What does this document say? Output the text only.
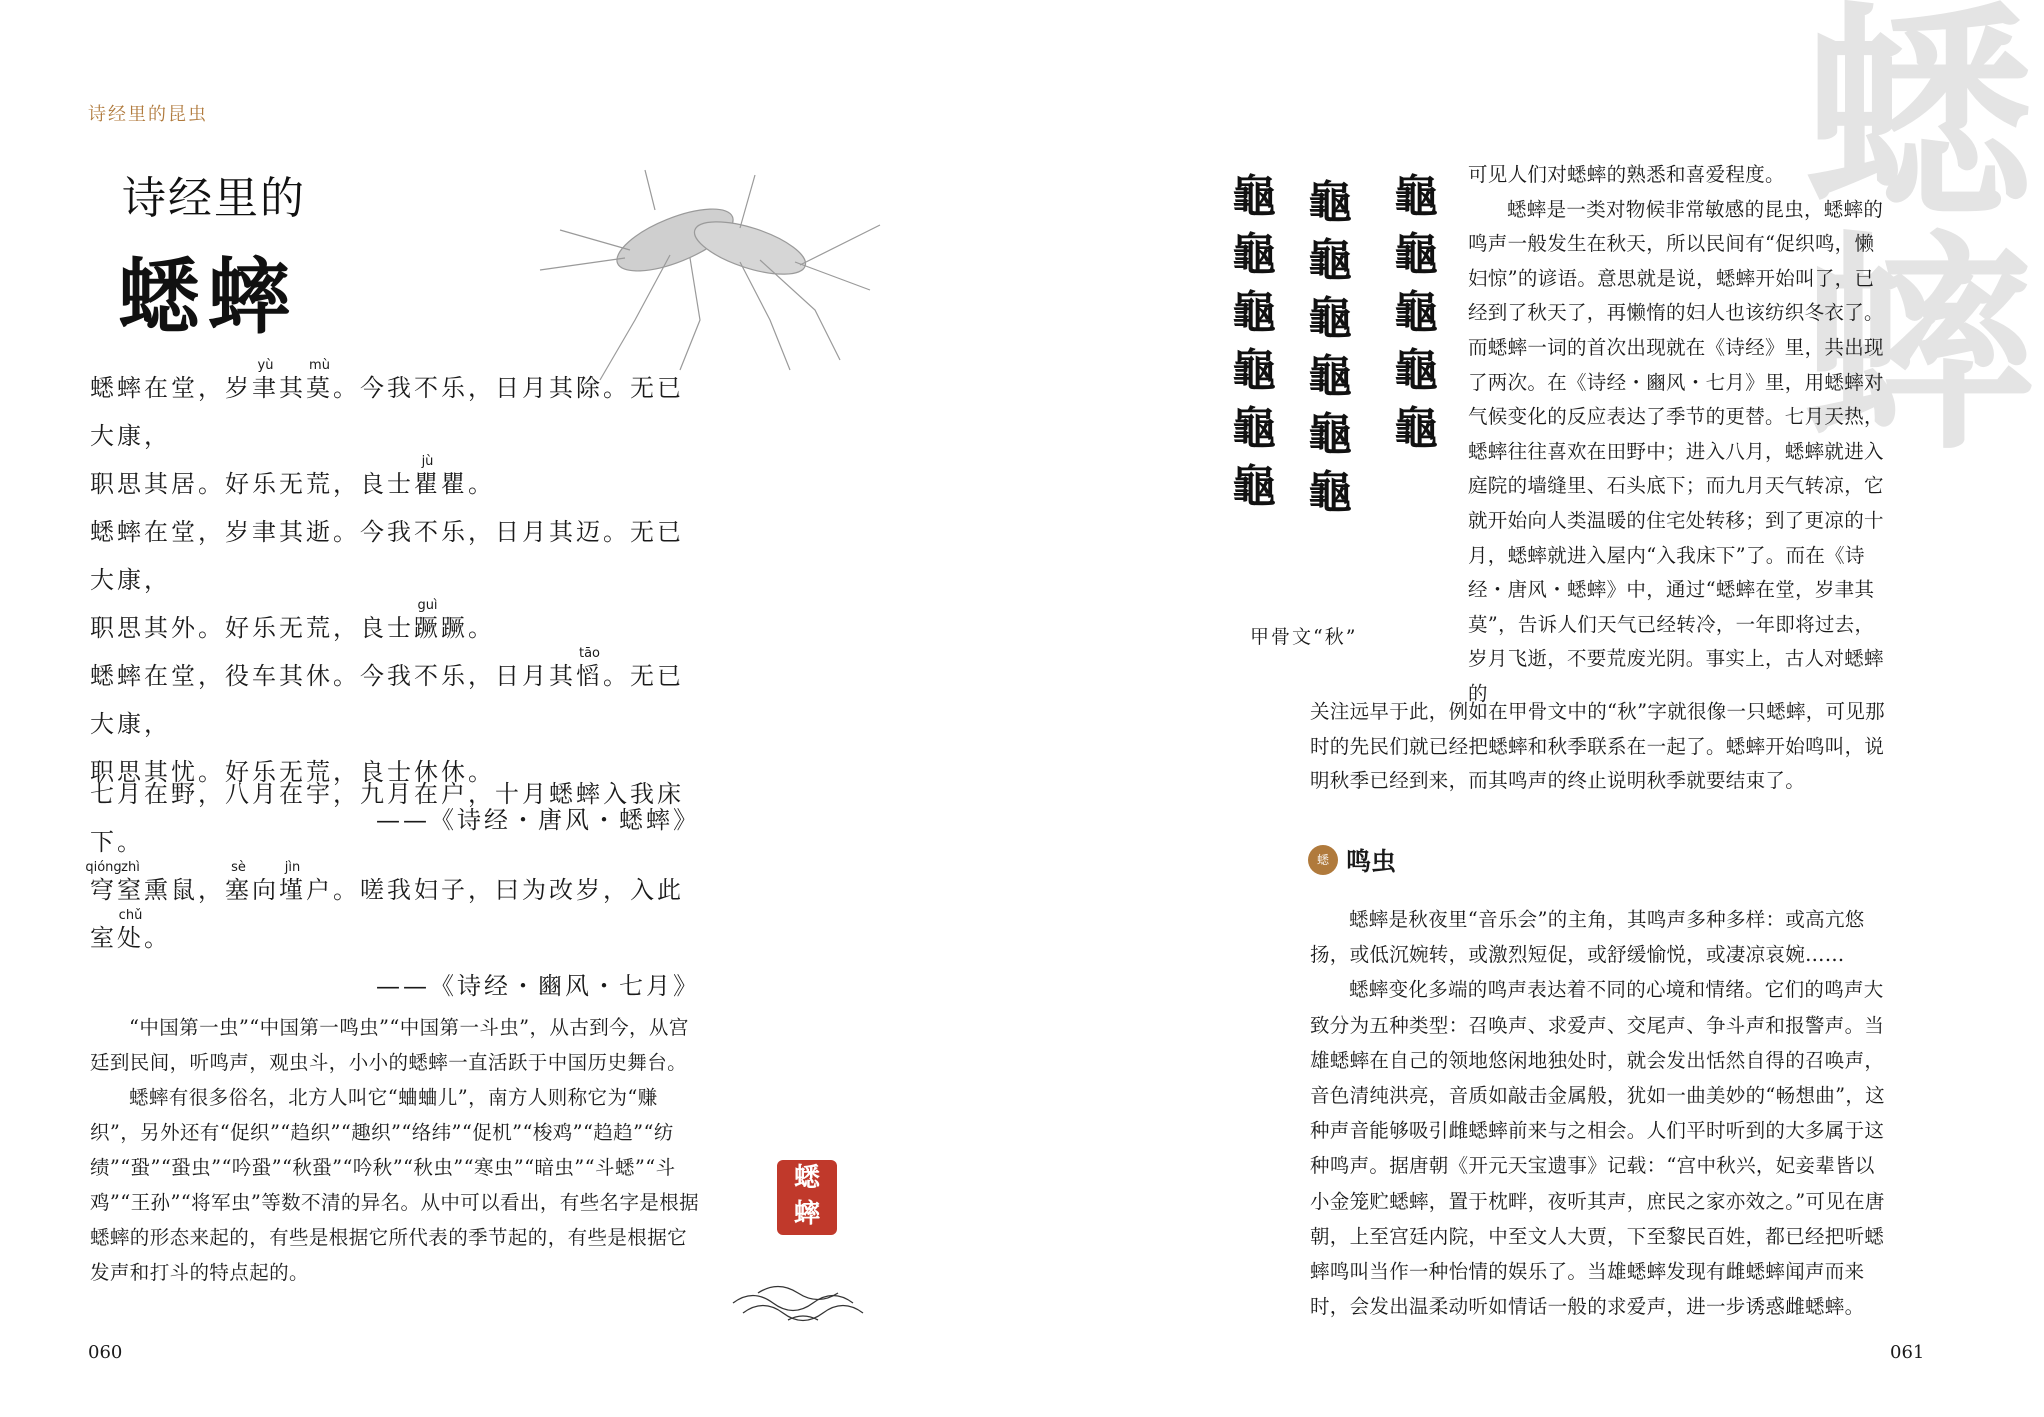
诗经里的昆虫
诗经里的
蟋蟀

蟋蟀在堂，岁聿
yù
其莫
mù
。今我不乐，日月其除。无已大康，

职思其居。好乐无荒，良士瞿
jù
瞿。

蟋蟀在堂，岁聿其逝。今我不乐，日月其迈。无已大康，

职思其外。好乐无荒，良士蹶
guì
蹶。

蟋蟀在堂，役车其休。今我不乐，日月其慆
tāo
。无已大康，

职思其忧。好乐无荒，良士休休。

——《诗经・唐风・蟋蟀》

七月在野，八月在宇，九月在户，十月蟋蟀入我床下。

穹
qióng
窒
zhì
熏鼠，塞
sè
向墐
jìn
户。嗟我妇子，曰为改岁，入此

室处
chǔ
。

——《诗经・豳风・七月》

“中国第一虫”“中国第一鸣虫”“中国第一斗虫”，从古到今，从宫廷到民间，听鸣声，观虫斗，小小的蟋蟀一直活跃于中国历史舞台。

蟋蟀有很多俗名，北方人叫它“蛐蛐儿”，南方人则称它为“赚织”，另外还有“促织”“趋织”“趣织”“络纬”“促机”“梭鸡”“趋趋”“纺绩”“蛩”“蛩虫”“吟蛩”“秋蛩”“吟秋”“秋虫”“寒虫”“暗虫”“斗蟋”“斗鸡”“王孙”“将军虫”等数不清的异名。从中可以看出，有些名字是根据蟋蟀的形态来起的，有些是根据它所代表的季节起的，有些是根据它发声和打斗的特点起的。

蟋
蟀
060
蟋
蟀
龜
龜
龜
龜
龜
龜
龜
龜
龜
龜
龜
龜
龜
龜
龜
龜
龜
甲骨文“秋”

可见人们对蟋蟀的熟悉和喜爱程度。

蟋蟀是一类对物候非常敏感的昆虫，蟋蟀的鸣声一般发生在秋天，所以民间有“促织鸣，懒妇惊”的谚语。意思就是说，蟋蟀开始叫了，已经到了秋天了，再懒惰的妇人也该纺织冬衣了。而蟋蟀一词的首次出现就在《诗经》里，共出现了两次。在《诗经・豳风・七月》里，用蟋蟀对气候变化的反应表达了季节的更替。七月天热，蟋蟀往往喜欢在田野中；进入八月，蟋蟀就进入庭院的墙缝里、石头底下；而九月天气转凉，它就开始向人类温暖的住宅处转移；到了更凉的十月，蟋蟀就进入屋内“入我床下”了。而在《诗经・唐风・蟋蟀》中，通过“蟋蟀在堂，岁聿其莫”，告诉人们天气已经转冷，一年即将过去，岁月飞逝，不要荒废光阴。事实上，古人对蟋蟀的

关注远早于此，例如在甲骨文中的“秋”字就很像一只蟋蟀，可见那时的先民们就已经把蟋蟀和秋季联系在一起了。蟋蟀开始鸣叫，说明秋季已经到来，而其鸣声的终止说明秋季就要结束了。

蟋 鸣虫

蟋蟀是秋夜里“音乐会”的主角，其鸣声多种多样：或高亢悠扬，或低沉婉转，或激烈短促，或舒缓愉悦，或凄凉哀婉……

蟋蟀变化多端的鸣声表达着不同的心境和情绪。它们的鸣声大致分为五种类型：召唤声、求爱声、交尾声、争斗声和报警声。当雄蟋蟀在自己的领地悠闲地独处时，就会发出恬然自得的召唤声，音色清纯洪亮，音质如敲击金属般，犹如一曲美妙的“畅想曲”，这种声音能够吸引雌蟋蟀前来与之相会。人们平时听到的大多属于这种鸣声。据唐朝《开元天宝遗事》记载：“宫中秋兴，妃妾辈皆以小金笼贮蟋蟀，置于枕畔，夜听其声，庶民之家亦效之。”可见在唐朝，上至宫廷内院，中至文人大贾，下至黎民百姓，都已经把听蟋蟀鸣叫当作一种怡情的娱乐了。当雄蟋蟀发现有雌蟋蟀闻声而来时，会发出温柔动听如情话一般的求爱声，进一步诱惑雌蟋蟀。

061
